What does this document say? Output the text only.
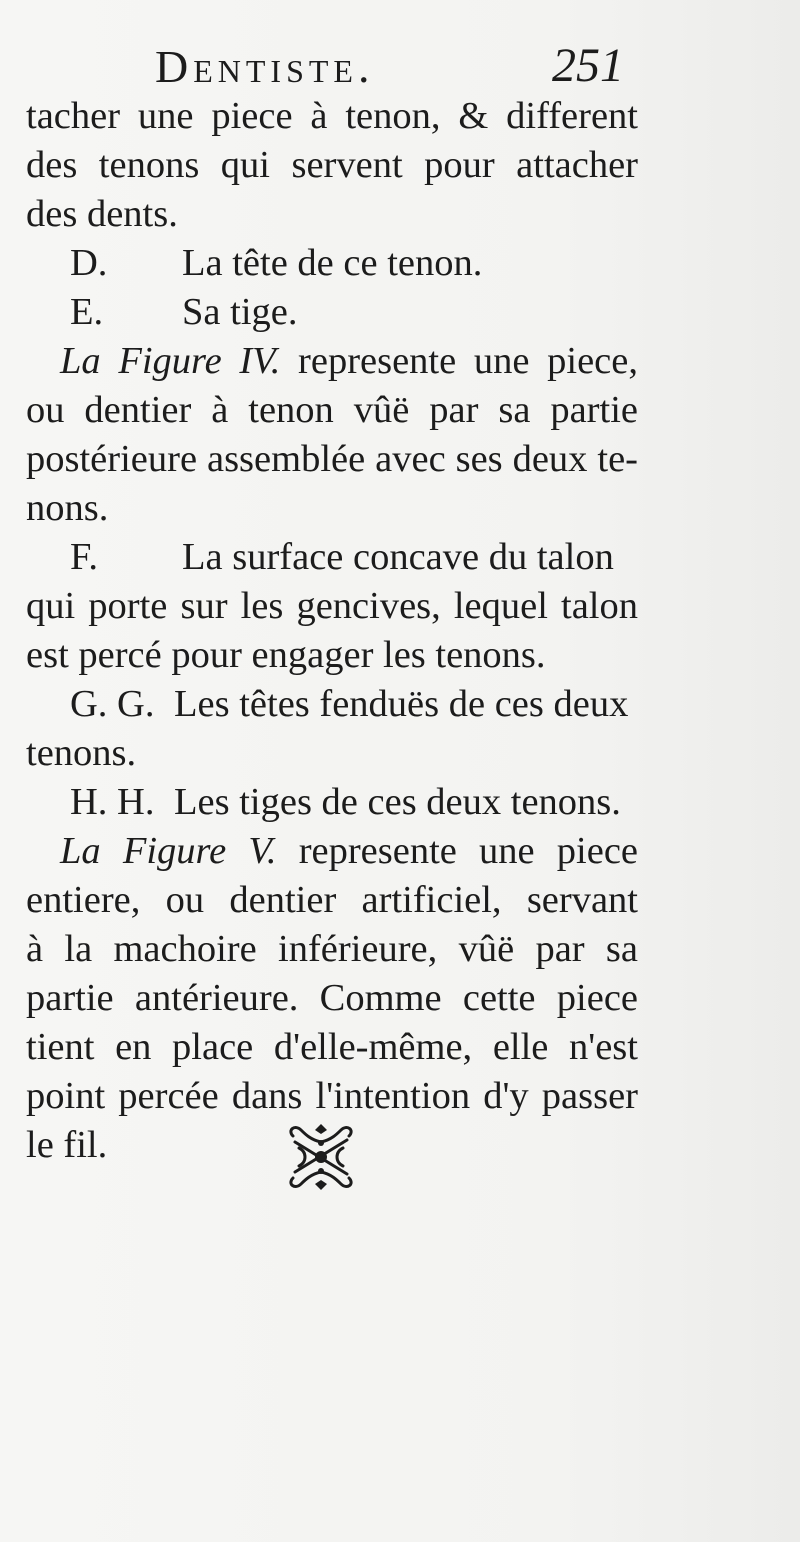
Dentiste.	251
tacher une piece à tenon, & different
des tenons qui servent pour attacher
des dents.
D.	La tête de ce tenon.
E.	Sa tige.
La Figure IV. represente une piece,
ou dentier à tenon vûë par sa partie
postérieure assemblée avec ses deux te-
nons.
F.	La surface concave du talon
qui porte sur les gencives, lequel talon
est percé pour engager les tenons.
G. G. Les têtes fenduës de ces deux
tenons.
H. H. Les tiges de ces deux tenons.
La Figure V. represente une piece
entiere, ou dentier artificiel, servant
à la machoire inférieure, vûë par sa
partie antérieure. Comme cette piece
tient en place d'elle-même, elle n'est
point percée dans l'intention d'y passer
le fil.
